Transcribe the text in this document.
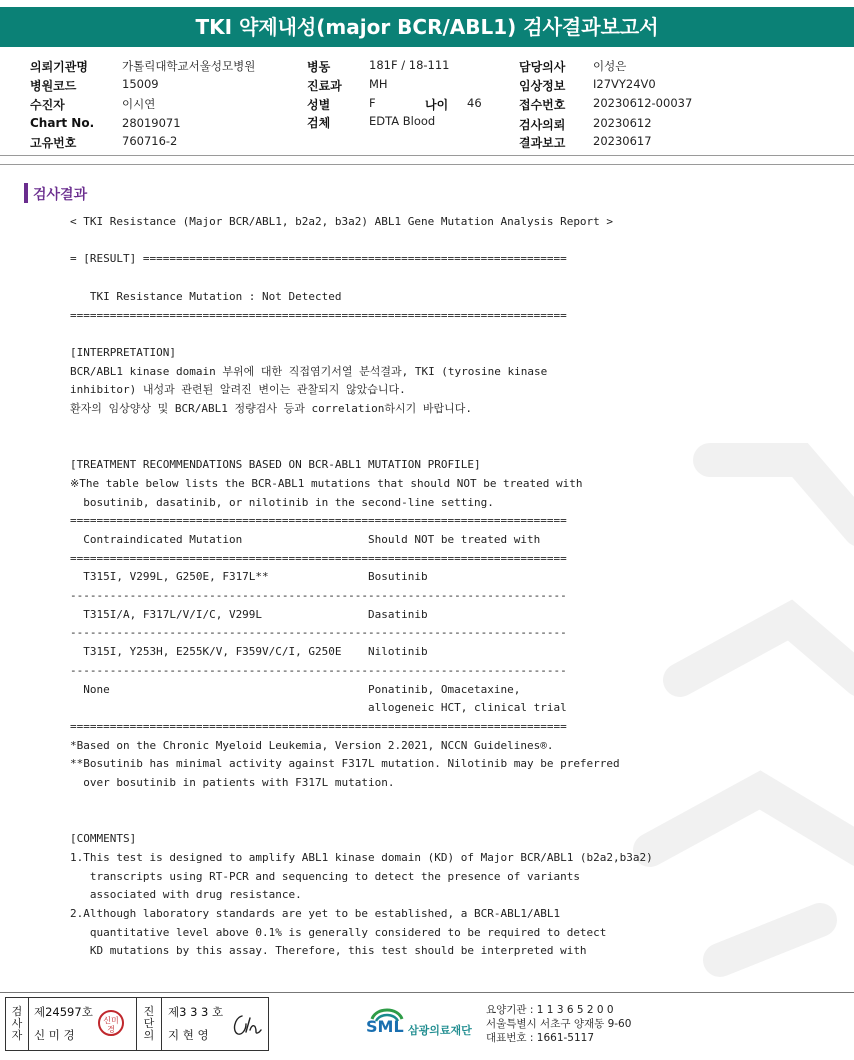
TKI 약제내성(major BCR/ABL1) 검사결과보고서
의뢰기관명	가톨릭대학교서울성모병원
병원코드	15009
수진자	이시연
Chart No. 28019071
고유번호	760716-2
병동	181F / 18-111
진료과 MH
성별	F	나이 46
검체	EDTA Blood
담당의사 이성은
임상정보 I27VY24V0
접수번호 20230612-00037
검사의뢰 20230612
결과보고 20230617
검사결과
< TKI Resistance (Major BCR/ABL1, b2a2, b3a2) ABL1 Gene Mutation Analysis Report >

= [RESULT] ================================================================

TKI Resistance Mutation : Not Detected
===========================================================================

[INTERPRETATION]
BCR/ABL1 kinase domain 부위에 대한 직접염기서열 분석결과, TKI (tyrosine kinase
inhibitor) 내성과 관련된 알려진 변이는 관찰되지 않았습니다.
환자의 임상양상 및 BCR/ABL1 정량검사 등과 correlation하시기 바랍니다.

[TREATMENT RECOMMENDATIONS BASED ON BCR-ABL1 MUTATION PROFILE]
※The table below lists the BCR-ABL1 mutations that should NOT be treated with
bosutinib, dasatinib, or nilotinib in the second-line setting.
===========================================================================
Contraindicated Mutation                   Should NOT be treated with
===========================================================================
T315I, V299L, G250E, F317L**               Bosutinib
---------------------------------------------------------------------------
T315I/A, F317L/V/I/C, V299L                Dasatinib
---------------------------------------------------------------------------
T315I, Y253H, E255K/V, F359V/C/I, G250E    Nilotinib
---------------------------------------------------------------------------
None                                       Ponatinib, Omacetaxine,
allogeneic HCT, clinical trial
===========================================================================
*Based on the Chronic Myeloid Leukemia, Version 2.2021, NCCN Guidelines®.
**Bosutinib has minimal activity against F317L mutation. Nilotinib may be preferred
over bosutinib in patients with F317L mutation.

[COMMENTS]
1.This test is designed to amplify ABL1 kinase domain (KD) of Major BCR/ABL1 (b2a2,b3a2)
transcripts using RT-PCR and sequencing to detect the presence of variants
associated with drug resistance.
2.Although laboratory standards are yet to be established, a BCR-ABL1/ABL1
quantitative level above 0.1% is generally considered to be required to detect
KD mutations by this assay. Therefore, this test should be interpreted with
검사자
제24597호
신 미 경
신미경
진단의
제3 3 3 호
지 현 영	SML 삼광의료재단
요양기관 : 1 1 3 6 5 2 0 0
서울특별시 서초구 양재동 9-60
대표번호 : 1661-5117
